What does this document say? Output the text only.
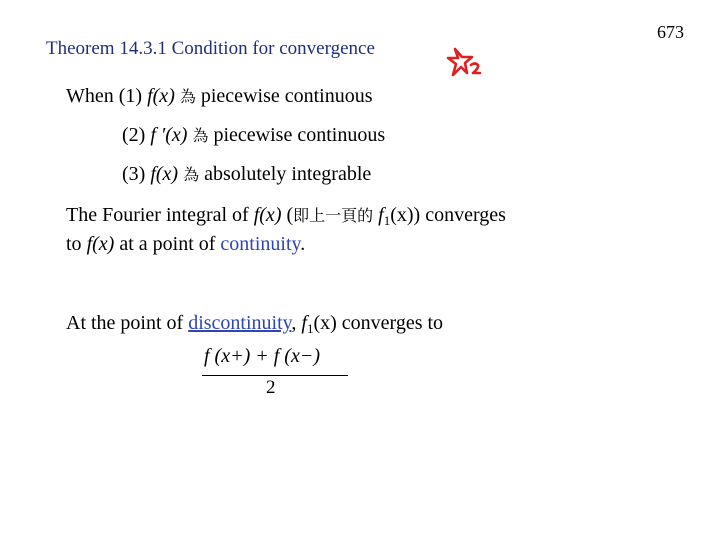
Theorem 14.3.1 Condition for convergence
673
When (1) f(x) 為 piecewise continuous
(2) f ′(x) 為 piecewise continuous
(3) f(x) 為 absolutely integrable
The Fourier integral of f(x) (即上一頁的 $f_1(x)$) converges
to f(x) at a point of continuity.
At the point of discontinuity, $f_1(x)$ converges to
f (x+) + f (x−)
2
